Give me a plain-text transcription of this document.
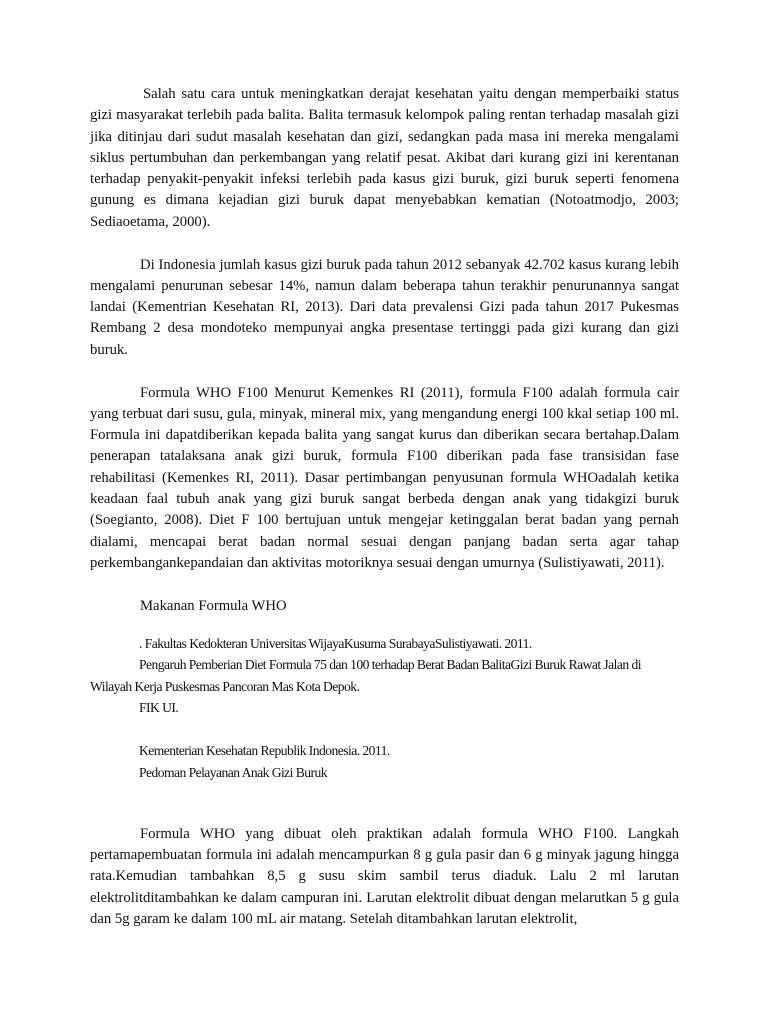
Salah satu cara untuk meningkatkan derajat kesehatan yaitu dengan memperbaiki status gizi masyarakat terlebih pada balita. Balita termasuk kelompok paling rentan terhadap masalah gizi jika ditinjau dari sudut masalah kesehatan dan gizi, sedangkan pada masa ini mereka mengalami siklus pertumbuhan dan perkembangan yang relatif pesat. Akibat dari kurang gizi ini kerentanan terhadap penyakit-penyakit infeksi terlebih pada kasus gizi buruk, gizi buruk seperti fenomena gunung es dimana kejadian gizi buruk dapat menyebabkan kematian (Notoatmodjo, 2003; Sediaoetama, 2000).

Di Indonesia jumlah kasus gizi buruk pada tahun 2012 sebanyak 42.702 kasus kurang lebih mengalami penurunan sebesar 14%, namun dalam beberapa tahun terakhir penurunannya sangat landai (Kementrian Kesehatan RI, 2013). Dari data prevalensi Gizi pada tahun 2017 Pukesmas Rembang 2 desa mondoteko mempunyai angka presentase tertinggi pada gizi kurang dan gizi buruk.

Formula WHO F100 Menurut Kemenkes RI (2011), formula F100 adalah formula cair yang terbuat dari susu, gula, minyak, mineral mix, yang mengandung energi 100 kkal setiap 100 ml. Formula ini dapatdiberikan kepada balita yang sangat kurus dan diberikan secara bertahap.Dalam penerapan tatalaksana anak gizi buruk, formula F100 diberikan pada fase transisidan fase rehabilitasi (Kemenkes RI, 2011). Dasar pertimbangan penyusunan formula WHOadalah ketika keadaan faal tubuh anak yang gizi buruk sangat berbeda dengan anak yang tidakgizi buruk (Soegianto, 2008). Diet F 100 bertujuan untuk mengejar ketinggalan berat badan yang pernah dialami, mencapai berat badan normal sesuai dengan panjang badan serta agar tahap perkembangankepandaian dan aktivitas motoriknya sesuai dengan umurnya (Sulistiyawati, 2011).

Makanan Formula WHO

. Fakultas Kedokteran Universitas WijayaKusuma SurabayaSulistiyawati. 2011.
Pengaruh Pemberian Diet Formula 75 dan 100 terhadap Berat Badan BalitaGizi Buruk Rawat Jalan di
Wilayah Kerja Puskesmas Pancoran Mas Kota Depok.
FIK UI.
Kementerian Kesehatan Republik Indonesia. 2011.
Pedoman Pelayanan Anak Gizi Buruk

Formula WHO yang dibuat oleh praktikan adalah formula WHO F100. Langkah pertamapembuatan formula ini adalah mencampurkan 8 g gula pasir dan 6 g minyak jagung hingga rata.Kemudian tambahkan 8,5 g susu skim sambil terus diaduk. Lalu 2 ml larutan elektrolitditambahkan ke dalam campuran ini. Larutan elektrolit dibuat dengan melarutkan 5 g gula dan 5g garam ke dalam 100 mL air matang. Setelah ditambahkan larutan elektrolit,
